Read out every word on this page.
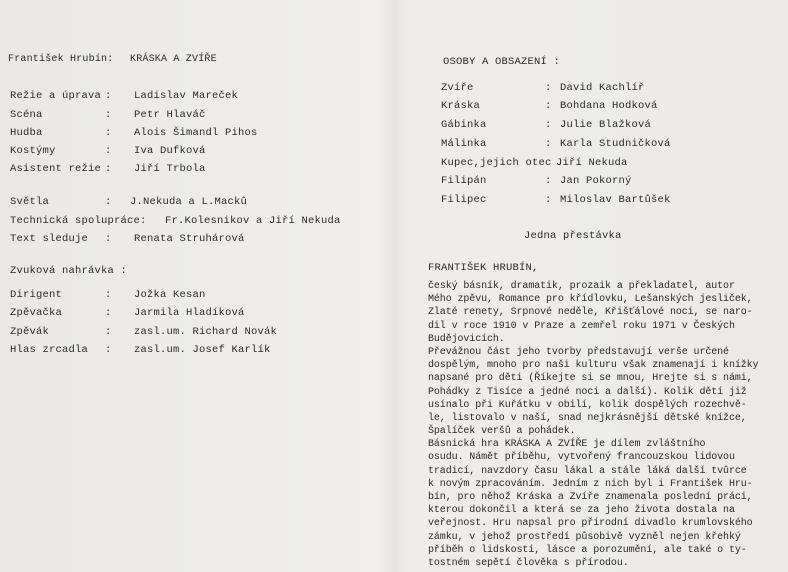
František Hrubín: KRÁSKA A ZVÍŘE
Režie a úprava : Ladislav Mareček
Scéna	: Petr Hlaváč
Hudba	: Alois Šimandl Pihos
Kostýmy	: Iva Dufková
Asistent režie : Jiří Trbola
Světla	: J.Nekuda a L.Macků
Technická spolupráce: Fr.Kolesnikov a Jiří Nekuda
Text sleduje : Renata Struhárová
Zvuková nahrávka :
Dirigent	: Jožka Kesan
Zpěvačka	: Jarmila Hladíková
Zpěvák	: zasl.um. Richard Novák
Hlas zrcadla : zasl.um. Josef Karlík
OSOBY A OBSAZENÍ :
Zvíře	: David Kachlíř
Kráska	: Bohdana Hodková
Gábinka	: Julie Blažková
Málinka	: Karla Studničková
Kupec,jejich otec Jiří Nekuda
Filipán	: Jan Pokorný
Filipec	: Miloslav Bartůšek
Jedna přestávka
FRANTIŠEK HRUBÍN,
český básník, dramatik, prozaik a překladatel, autor
Mého zpěvu, Romance pro křídlovku, Lešanských jesliček,
Zlaté renety, Srpnové neděle, Křišťálové noci, se naro-
dil v roce 1910 v Praze a zemřel roku 1971 v Českých
Budějovicích.
Převážnou část jeho tvorby představují verše určené
dospělým, mnoho pro naši kulturu však znamenají i knížky
napsané pro děti (Říkejte si se mnou, Hrejte si s námi,
Pohádky z Tisíce a jedné noci a další). Kolik dětí již
usínalo při Kuřátku v obilí, kolik dospělých rozechvě-
le, listovalo v naší, snad nejkrásnější dětské knížce,
Špalíček veršů a pohádek.
Básnická hra KRÁSKA A ZVÍŘE je dílem zvláštního
osudu. Námět příběhu, vytvořený francouzskou lidovou
tradicí, navzdory času lákal a stále láká další tvůrce
k novým zpracováním. Jedním z nich byl i František Hru-
bín, pro něhož Kráska a Zvíře znamenala poslední práci,
kterou dokončil a která se za jeho života dostala na
veřejnost. Hru napsal pro přírodní divadlo krumlovského
zámku, v jehož prostředí působivě vyzněl nejen křehký
příběh o lidskosti, lásce a porozumění, ale také o ty-
tostném sepětí člověka s přírodou.
